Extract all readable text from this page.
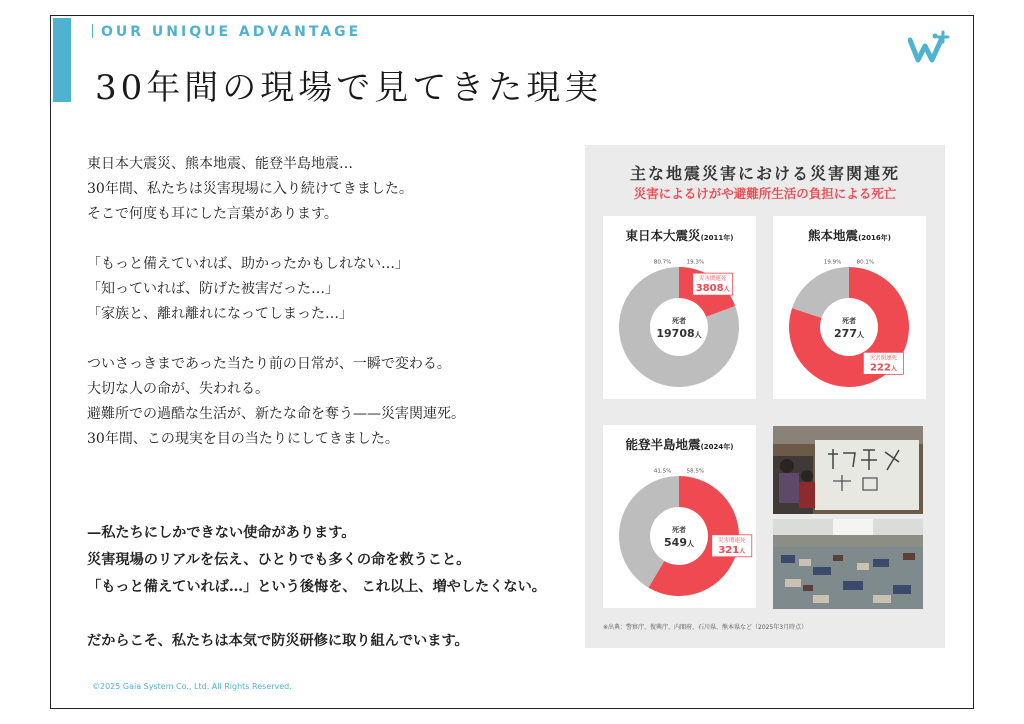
OUR UNIQUE ADVANTAGE
30年間の現場で見てきた現実

東日本大震災、熊本地震、能登半島地震…
30年間、私たちは災害現場に入り続けてきました。
そこで何度も耳にした言葉があります。

「もっと備えていれば、助かったかもしれない…」
「知っていれば、防げた被害だった…」
「家族と、離れ離れになってしまった…」

ついさっきまであった当たり前の日常が、一瞬で変わる。
大切な人の命が、失われる。
避難所での過酷な生活が、新たな命を奪う——災害関連死。
30年間、この現実を目の当たりにしてきました。

—私たちにしかできない使命があります。
災害現場のリアルを伝え、ひとりでも多くの命を救うこと。
「もっと備えていれば…」という後悔を、 これ以上、増やしたくない。
だからこそ、私たちは本気で防災研修に取り組んでいます。
©2025 Gaia System Co., Ltd. All Rights Reserved.
主な地震災害における災害関連死
災害によるけがや避難所生活の負担による死亡
東日本大震災(2011年)
19.3%
80.7%
災害関連死
3808人
死者
19708人
熊本地震(2016年)
80.1%
19.9%
災害関連死
222人
死者
277人
能登半島地震(2024年)
58.5%
41.5%
災害関連死
321人
死者
549人
※出典：警察庁、復興庁、内閣府、石川県、熊本県など（2025年3月時点）
